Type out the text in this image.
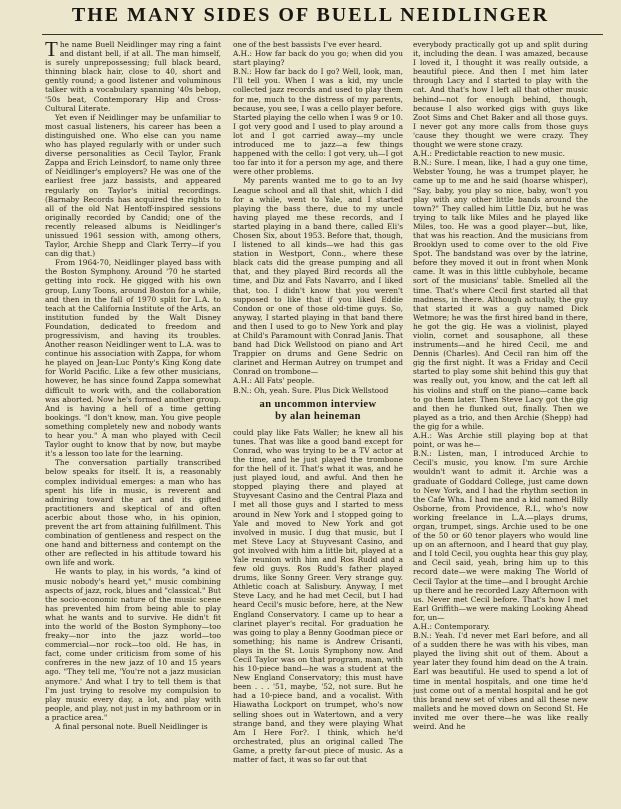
THE MANY SIDES OF BUELL NEIDLINGER

The name Buell Neidlinger may ring a faint and distant bell, if at all. The man himself, is surely unprepossessing; full black beard, thinning black hair, close to 40, short and gently round; a good listener and voluminous talker with a vocabulary spanning '40s bebop, '50s beat, Contemporary Hip and Cross-Cultural Literate.

Yet even if Neidlinger may be unfamiliar to most casual listeners, his career has been a distinguished one. Who else can you name who has played regularly with or under such diverse personalities as Cecil Taylor, Frank Zappa and Erich Leinsdorf, to name only three of Neidlinger's employers? He was one of the earliest free jazz bassists, and appeared regularly on Taylor's initial recordings. (Barnaby Records has acquired the rights to all of the old Nat Hentoff-inspired sessions originally recorded by Candid; one of the recently released albums is Neidlinger's unissued 1961 session with, among others, Taylor, Archie Shepp and Clark Terry—if you can dig that.)

From 1964-70, Neidlinger played bass with the Boston Symphony. Around '70 he started getting into rock. He gigged with his own group, Luny Toons, around Boston for a while, and then in the fall of 1970 split for L.A. to teach at the California Institute of the Arts, an institution funded by the Walt Disney Foundation, dedicated to freedom and progressivism, and having its troubles. Another reason Neidlinger went to L.A. was to continue his association with Zappa, for whom he played on Jean-Luc Ponty's King Kong date for World Pacific. Like a few other musicians, however, he has since found Zappa somewhat difficult to work with, and the collaboration was aborted. Now he's formed another group. And is having a hell of a time getting bookings. "I don't know, man. You give people something completely new and nobody wants to hear you." A man who played with Cecil Taylor ought to know that by now, but maybe it's a lesson too late for the learning.

The conversation partially transcribed below speaks for itself. It is, a reasonably complex individual emerges: a man who has spent his life in music, is reverent and admiring toward the art and its gifted practitioners and skeptical of and often acerbic about those who, in his opinion, prevent the art from attaining fulfillment. This combination of gentleness and respect on the one hand and bitterness and contempt on the other are reflected in his attitude toward his own life and work.

He wants to play, in his words, "a kind of music nobody's heard yet," music combining aspects of jazz, rock, blues and "classical." But the socio-economic nature of the music scene has prevented him from being able to play what he wants and to survive. He didn't fit into the world of the Boston Symphony—too freaky—nor into the jazz world—too commercial—nor rock—too old. He has, in fact, come under criticism from some of his confreres in the new jazz of 10 and 15 years ago. "They tell me, 'You're not a jazz musician anymore.' And what I try to tell them is that I'm just trying to resolve my compulsion to play music every day, a lot, and play with people, and play, not just in my bathroom or in a practice area."

A final personal note. Buell Neidlinger is

one of the best bassists I've ever heard.

A.H.: How far back do you go; when did you start playing?

B.N.: How far back do I go? Well, look, man, I'll tell you. When I was a kid, my uncle collected jazz records and used to play them for me, much to the distress of my parents, because, you see, I was a cello player before. Started playing the cello when I was 9 or 10. I got very good and I used to play around a lot and I got carried away—my uncle introduced me to jazz—a few things happened with the cello: I got very, uh—I got too far into it for a person my age, and there were other problems.

My parents wanted me to go to an Ivy League school and all that shit, which I did for a while, went to Yale, and I started playing the bass there, due to my uncle having played me these records, and I started playing in a band there, called Eli's Chosen Six, about 1953. Before that, though, I listened to all kinds—we had this gas station in Westport, Conn., where these black cats did the grease pumping and all that, and they played Bird records all the time, and Diz and Fats Navarro, and I liked that, too. I didn't know that you weren't supposed to like that if you liked Eddie Condon or one of those old-time guys. So, anyway, I started playing in that band there and then I used to go to New York and play at Child's Paramount with Conrad Janis. That band had Dick Wellstood on piano and Art Trappier on drums and Gene Sedric on clarinet and Herman Autrey on trumpet and Conrad on trombone—

A.H.: All Fats' people.

B.N.: Oh, yeah. Sure. Plus Dick Wellstood

an uncommon interview
by alan heineman

could play like Fats Waller; he knew all his tunes. That was like a good band except for Conrad, who was trying to be a TV actor at the time, and he just played the trombone for the hell of it. That's what it was, and he just played loud, and awful. And then he stopped playing there and played at Stuyvesant Casino and the Central Plaza and I met all those guys and I started to mess around in New York and I stopped going to Yale and moved to New York and got involved in music. I dug that music, but I met Steve Lacy at Stuyvesant Casino, and got involved with him a little bit, played at a Yale reunion with him and Ros Rudd and a few old guys. Ros Rudd's father played drums, like Sonny Greer. Very strange guy. Athletic coach at Salisbury. Anyway, I met Steve Lacy, and he had met Cecil, but I had heard Cecil's music before, here, at the New England Conservatory. I came up to hear a clarinet player's recital. For graduation he was going to play a Benny Goodman piece or something; his name is Andrew Crisanti, plays in the St. Louis Symphony now. And Cecil Taylor was on that program, man, with his 10-piece band—he was a student at the New England Conservatory; this must have been . . . '51, maybe, '52, not sure. But he had a 10-piece band, and a vocalist. With Hiawatha Lockport on trumpet, who's now selling shoes out in Watertown, and a very strange band, and they were playing What Am I Here For?. I think, which he'd orchestrated, plus an original called The Game, a pretty far-out piece of music. As a matter of fact, it was so far out that

everybody practically got up and split during it, including the dean. I was amazed, because I loved it, I thought it was really outside, a beautiful piece. And then I met him later through Lacy and I started to play with the cat. And that's how I left all that other music behind—not for enough behind, though, because I also worked gigs with guys like Zoot Sims and Chet Baker and all those guys. I never got any more calls from those guys 'cause they thought we were crazy. They thought we were stone crazy.

A.H.: Predictable reaction to new music.

B.N.: Sure. I mean, like, I had a guy one time, Webster Young, he was a trumpet player, he came up to me and he said (hoarse whisper), "Say, baby, you play so nice, baby, won't you play with any other little bands around the town?" They called him Little Diz, but he was trying to talk like Miles and he played like Miles, too. He was a good player—but, like, that was his reaction. And the musicians from Brooklyn used to come over to the old Five Spot. The bandstand was over by the latrine, before they moved it out in front when Monk came. It was in this little cubbyhole, became sort of the musicians' table. Smelled all the time. That's where Cecil first started all that madness, in there. Although actually, the guy that started it was a guy named Dick Wetmore; he was the first hired band in there, he got the gig. He was a violinist, played violin, cornet and sousaphone, all these instruments—and he hired Cecil, me and Dennis (Charles). And Cecil ran him off the gig the first night. It was a Friday and Cecil started to play some shit behind this guy that was really out, you know, and the cat left all his violins and stuff on the piano—came back to go them later. Then Steve Lacy got the gig and then he flunked out, finally. Then we played as a trio, and then Archie (Shepp) had the gig for a while.

A.H.: Was Archie still playing bop at that point, or was he—

B.N.: Listen, man, I introduced Archie to Cecil's music, you know. I'm sure Archie wouldn't want to admit it. Archie was a graduate of Goddard College, just came down to New York, and I had the rhythm section in the Cafe Wha. I had me and a kid named Billy Osborne, from Providence, R.I., who's now working freelance in L.A.—plays drums, organ, trumpet, sings. Archie used to be one of the 50 or 60 tenor players who would line up on an afternoon, and I heard that guy play, and I told Cecil, you oughta hear this guy play, and Cecil said, yeah, bring him up to this record date—we were making The World of Cecil Taylor at the time—and I brought Archie up there and he recorded Lazy Afternoon with us. Never met Cecil before. That's how I met Earl Griffith—we were making Looking Ahead for, un—

A.H.: Contemporary.

B.N.: Yeah. I'd never met Earl before, and all of a sudden there he was with his vibes, man played the living shit out of them. About a year later they found him dead on the A train. Earl was beautiful. He used to spend a lot of time in mental hospitals, and one time he'd just come out of a mental hospital and he got this brand new set of vibes and all these new mallets and he moved down on Second St. He invited me over there—he was like really weird. And he
